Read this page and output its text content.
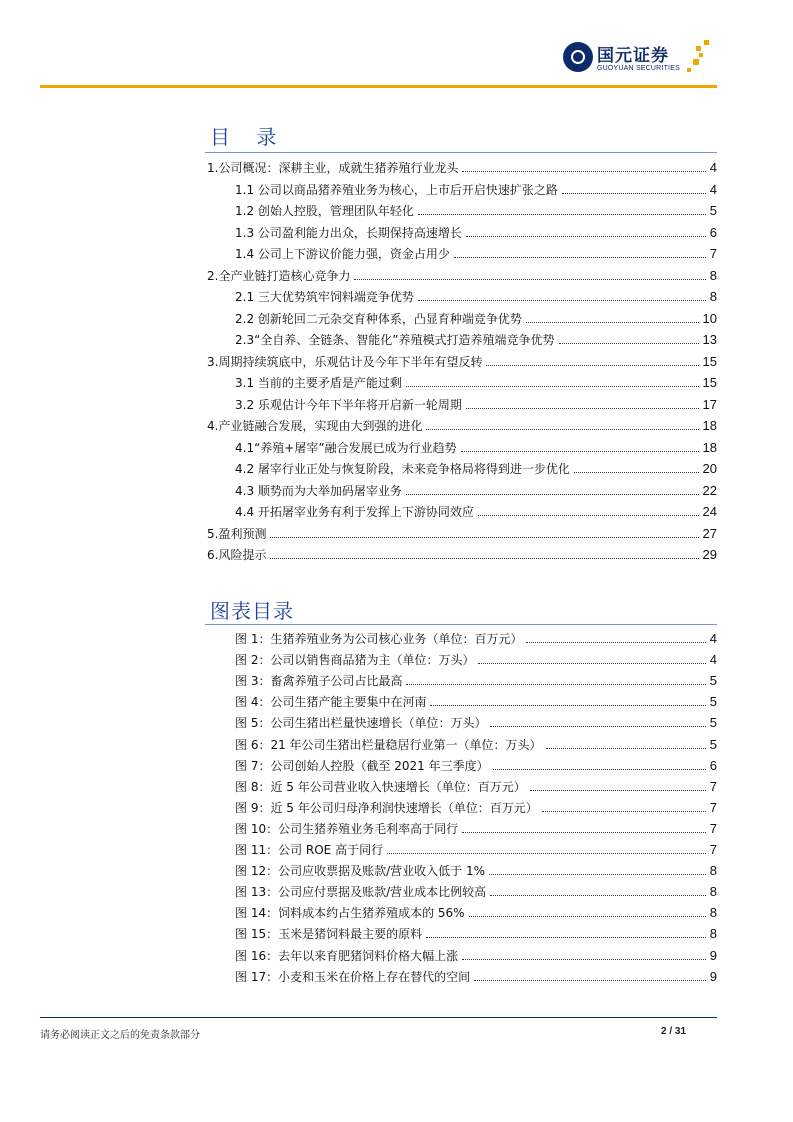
国元证券
GUOYUAN SECURITIES
目 录
1.公司概况：深耕主业，成就生猪养殖行业龙头	4
1.1 公司以商品猪养殖业务为核心，上市后开启快速扩张之路	4
1.2 创始人控股，管理团队年轻化	5
1.3 公司盈利能力出众，长期保持高速增长	6
1.4 公司上下游议价能力强，资金占用少	7
2.全产业链打造核心竞争力	8
2.1 三大优势筑牢饲料端竞争优势	8
2.2 创新轮回二元杂交育种体系，凸显育种端竞争优势	10
2.3“全自养、全链条、智能化”养殖模式打造养殖端竞争优势	13
3.周期持续筑底中，乐观估计及今年下半年有望反转	15
3.1 当前的主要矛盾是产能过剩	15
3.2 乐观估计今年下半年将开启新一轮周期	17
4.产业链融合发展，实现由大到强的进化	18
4.1“养殖+屠宰”融合发展已成为行业趋势	18
4.2 屠宰行业正处与恢复阶段，未来竞争格局将得到进一步优化	20
4.3 顺势而为大举加码屠宰业务	22
4.4 开拓屠宰业务有利于发挥上下游协同效应	24
5.盈利预测	27
6.风险提示	29
图表目录
图 1：生猪养殖业务为公司核心业务（单位：百万元）	4
图 2：公司以销售商品猪为主（单位：万头）	4
图 3：畜禽养殖子公司占比最高	5
图 4：公司生猪产能主要集中在河南	5
图 5：公司生猪出栏量快速增长（单位：万头）	5
图 6：21 年公司生猪出栏量稳居行业第一（单位：万头）	5
图 7：公司创始人控股（截至 2021 年三季度）	6
图 8：近 5 年公司营业收入快速增长（单位：百万元）	7
图 9：近 5 年公司归母净利润快速增长（单位：百万元）	7
图 10：公司生猪养殖业务毛利率高于同行	7
图 11：公司 ROE 高于同行	7
图 12：公司应收票据及账款/营业收入低于 1%	8
图 13：公司应付票据及账款/营业成本比例较高	8
图 14：饲料成本约占生猪养殖成本的 56%	8
图 15：玉米是猪饲料最主要的原料	8
图 16：去年以来育肥猪饲料价格大幅上涨	9
图 17：小麦和玉米在价格上存在替代的空间	9
请务必阅读正文之后的免责条款部分	2 / 31
